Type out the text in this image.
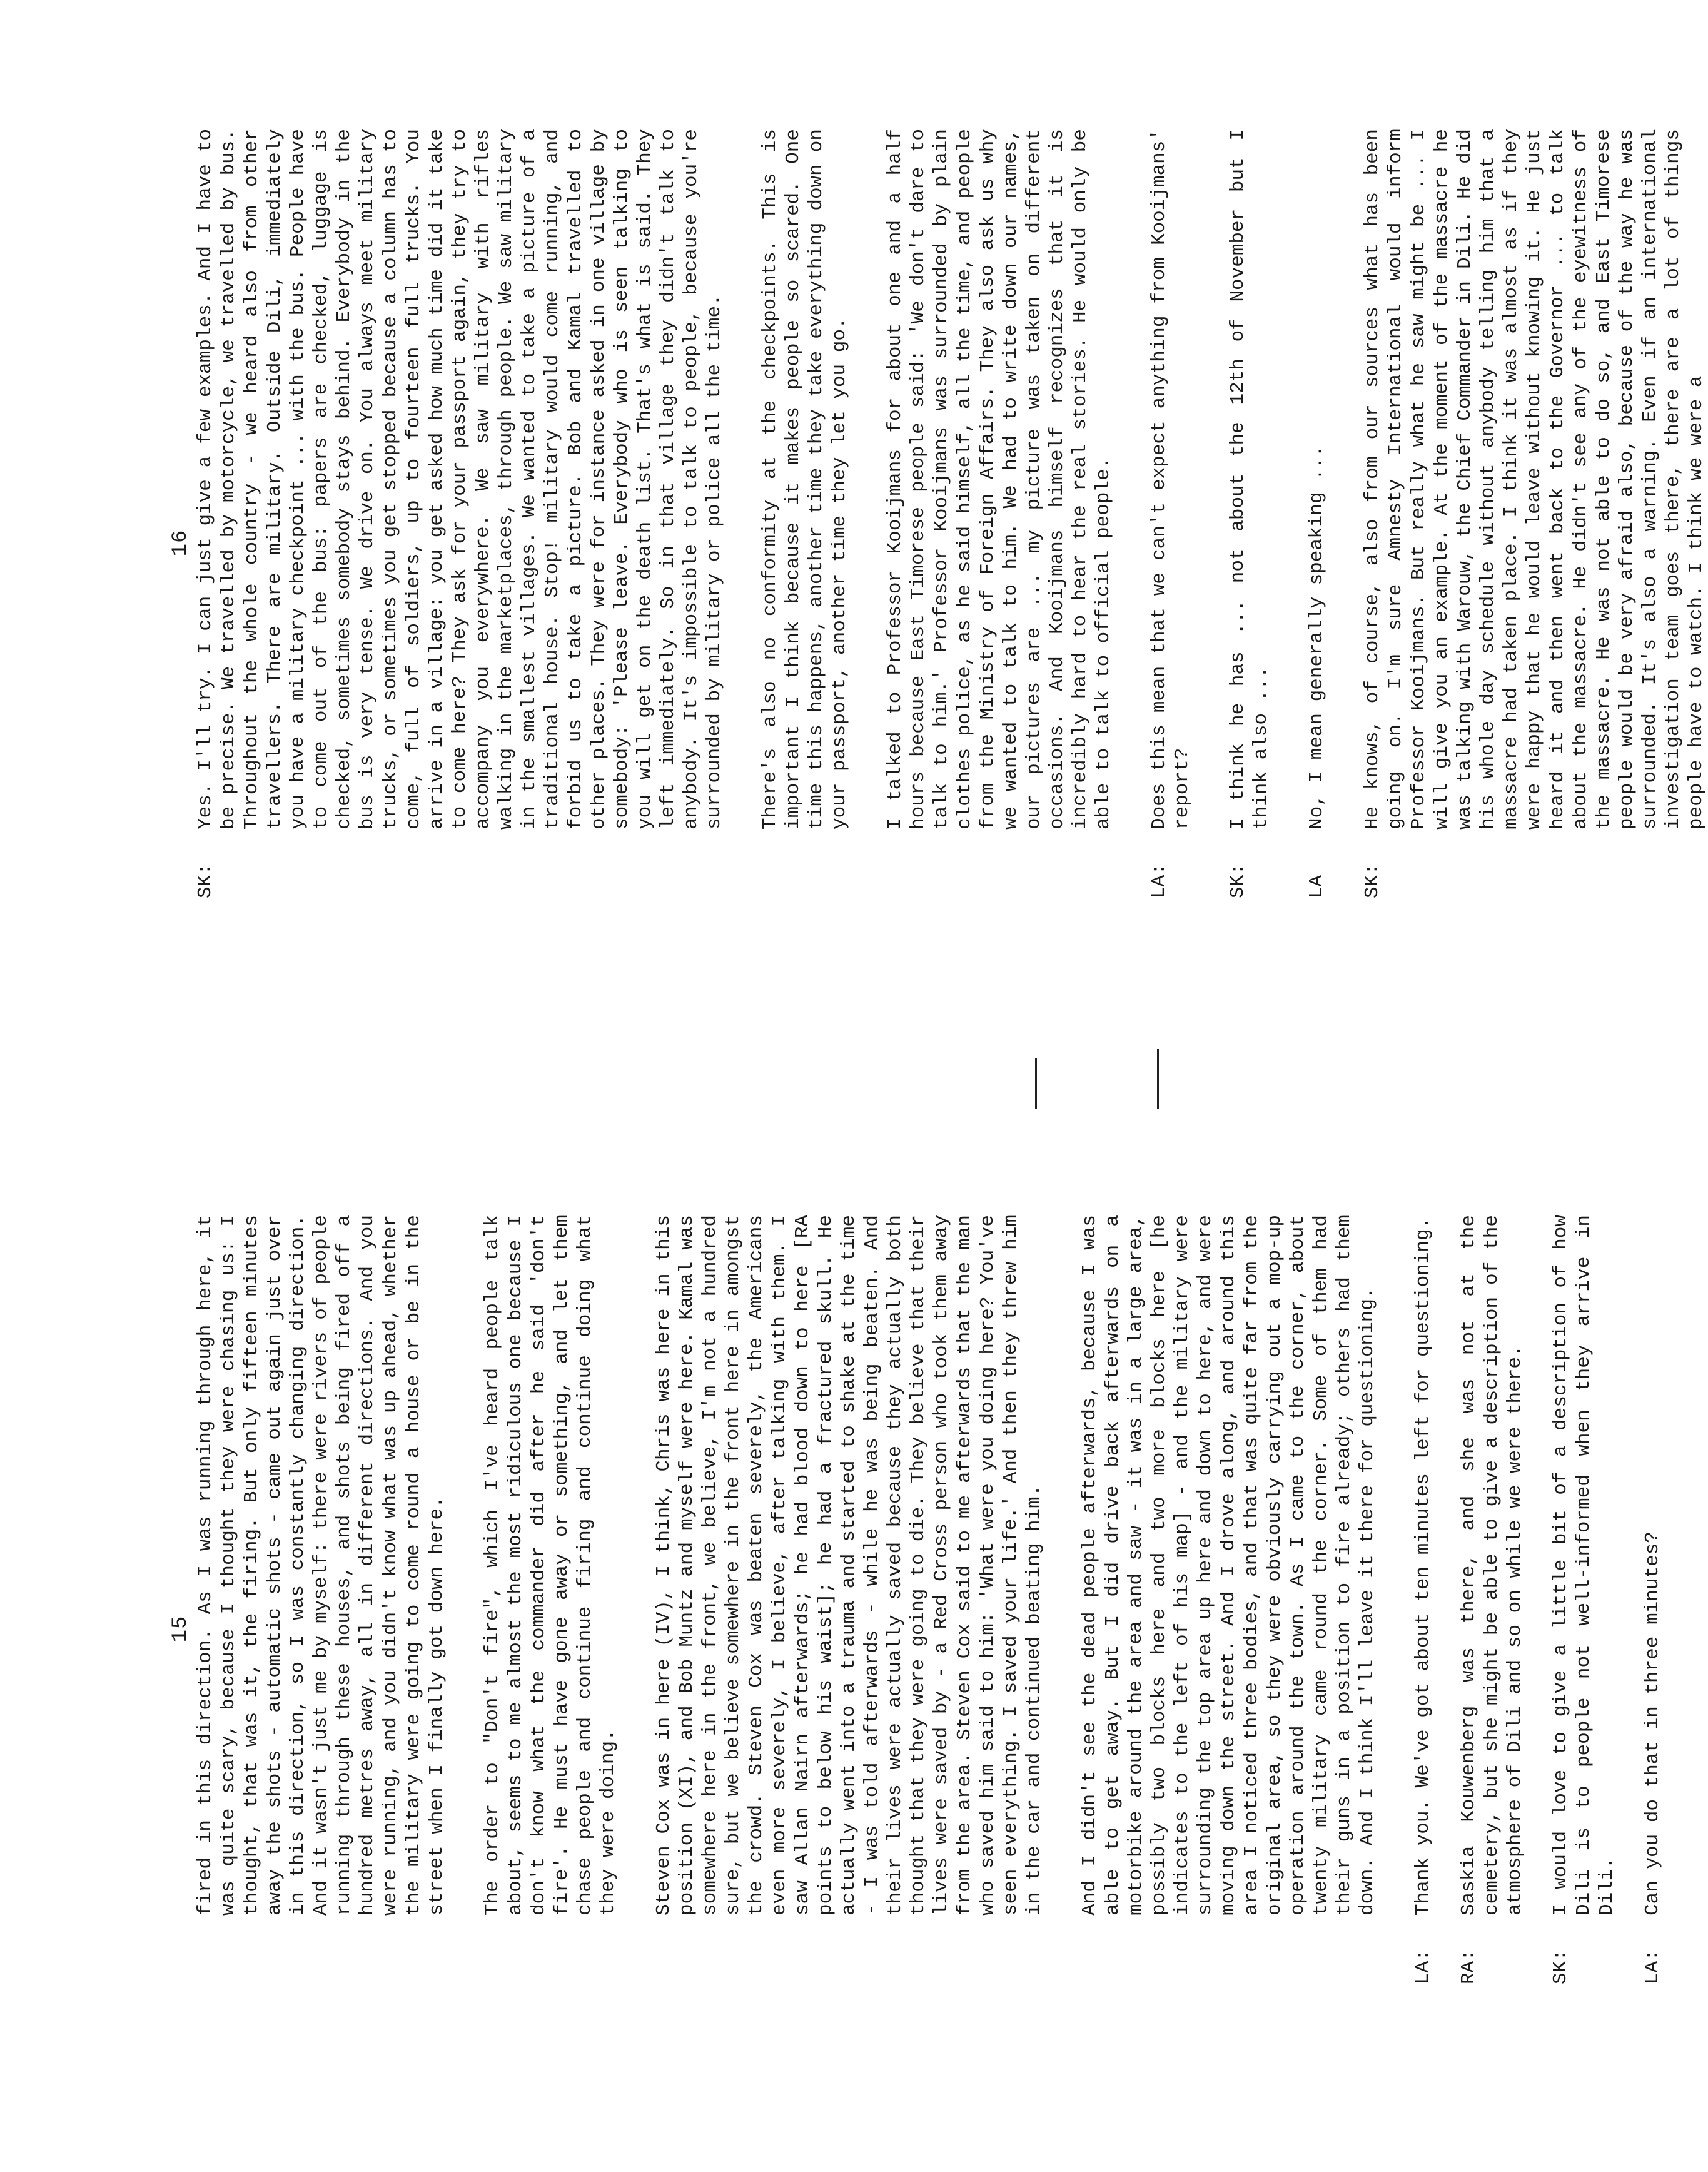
15 fired in this direction. As I was running through here, it was quite scary, because I thought they were chasing us: I thought, that was it, the firing. But only fifteen minutes away the shots - automatic shots - came out again just over in this direction, so I was constantly changing direction. And it wasn't just me by myself: there were rivers of people running through these houses, and shots being fired off a hundred metres away, all in different directions. And you were running, and you didn't know what was up ahead, whether the military were going to come round a house or be in the street when I finally got down here. The order to "Don't fire", which I've heard people talk about, seems to me almost the most ridiculous one because I don't know what the commander did after he said 'don't fire'. He must have gone away or something, and let them chase people and continue firing and continue doing what they were doing. Steven Cox was in here (IV), I think, Chris was here in this position (XI), and Bob Muntz and myself were here. Kamal was somewhere here in the front, we believe, I'm not a hundred sure, but we believe somewhere in the front here in amongst the crowd. Steven Cox was beaten severely, the Americans even more severely, I believe, after talking with them. I saw Allan Nairn afterwards; he had blood down to here [RA points to below his waist]; he had a fractured skull. He actually went into a trauma and started to shake at the time - I was told afterwards - while he was being beaten. And their lives were actually saved because they actually both thought that they were going to die. They believe that their lives were saved by - a Red Cross person who took them away from the area. Steven Cox said to me afterwards that the man who saved him said to him: 'What were you doing here? You've seen everything. I saved your life.' And then they threw him in the car and continued beating him. And I didn't see the dead people afterwards, because I was able to get away. But I did drive back afterwards on a motorbike around the area and saw - it was in a large area, possibly two blocks here and two more blocks here [he indicates to the left of his map] - and the military were surrounding the top area up here and down to here, and were moving down the street. And I drove along, and around this area I noticed three bodies, and that was quite far from the original area, so they were obviously carrying out a mop-up operation around the town. As I came to the corner, about twenty military came round the corner. Some of them had their guns in a position to fire already; others had them down. And I think I'll leave it there for questioning.
LA:
Thank you. We've got about ten minutes left for questioning.
RA:
Saskia Kouwenberg was there, and she was not at the cemetery, but she might be able to give a description of the atmosphere of Dili and so on while we were there.
SK:
I would love to give a little bit of a description of how Dili is to people not well-informed when they arrive in Dili.
LA:
Can you do that in three minutes?
16
SK:
Yes. I'll try. I can just give a few examples. And I have to be precise. We travelled by motorcycle, we travelled by bus. Throughout the whole country - we heard also from other travellers. There are military. Outside Dili, immediately you have a military checkpoint ... with the bus. People have to come out of the bus: papers are checked, luggage is checked, sometimes somebody stays behind. Everybody in the bus is very tense. We drive on. You always meet military trucks, or sometimes you get stopped because a column has to come, full of soldiers, up to fourteen full trucks. You arrive in a village: you get asked how much time did it take to come here? They ask for your passport again, they try to accompany you everywhere. We saw military with rifles walking in the marketplaces, through people. We saw military in the smallest villages. We wanted to take a picture of a traditional house. Stop! military would come running, and forbid us to take a picture. Bob and Kamal travelled to other places. They were for instance asked in one village by somebody: 'Please leave. Everybody who is seen talking to you will get on the death list. That's what is said. They left immediately. So in that village they didn't talk to anybody. It's impossible to talk to people, because you're surrounded by military or police all the time. There's also no conformity at the checkpoints. This is important I think because it makes people so scared. One time this happens, another time they take everything down on your passport, another time they let you go. I talked to Professor Kooijmans for about one and a half hours because East Timorese people said: 'We don't dare to talk to him.' Professor Kooijmans was surrounded by plain clothes police, as he said himself, all the time, and people from the Ministry of Foreign Affairs. They also ask us why we wanted to talk to him. We had to write down our names, our pictures are ... my picture was taken on different occasions. And Kooijmans himself recognizes that it is incredibly hard to hear the real stories. He would only be able to talk to official people.
LA:
Does this mean that we can't expect anything from Kooijmans' report?
SK:
I think he has ... not about the 12th of November but I think also ...
LA
No, I mean generally speaking ...
SK:
He knows, of course, also from our sources what has been going on. I'm sure Amnesty International would inform Professor Kooijmans. But really what he saw might be ... I will give you an example. At the moment of the massacre he was talking with Warouw, the Chief Commander in Dili. He did his whole day schedule without anybody telling him that a massacre had taken place. I think it was almost as if they were happy that he would leave without knowing it. He just heard it and then went back to the Governor ... to talk about the massacre. He didn't see any of the eyewitness of the massacre. He was not able to do so, and East Timorese people would be very afraid also, because of the way he was surrounded. It's also a warning. Even if an international investigation team goes there, there are a lot of things people have to watch. I think we were a
